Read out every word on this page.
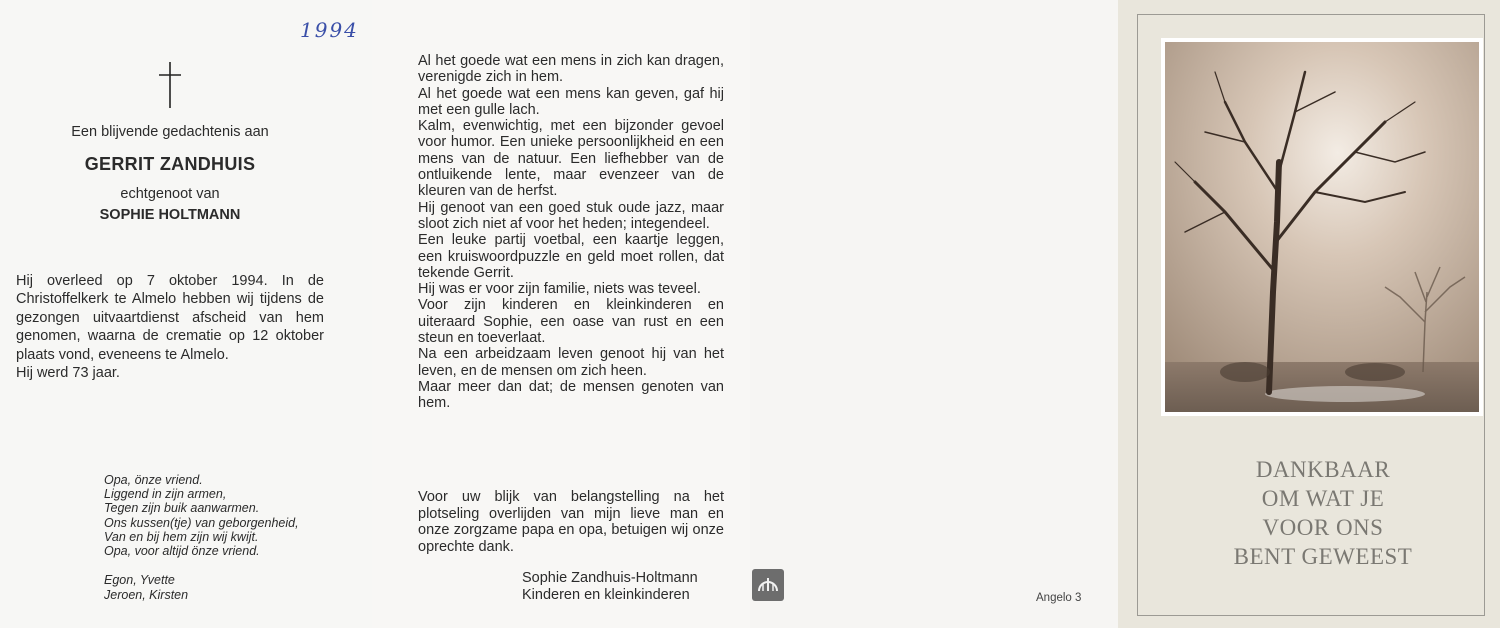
1994
Een blijvende gedachtenis aan
GERRIT ZANDHUIS
echtgenoot van
SOPHIE HOLTMANN

Hij overleed op 7 oktober 1994. In de Christoffelkerk te Almelo hebben wij tijdens de gezongen uitvaartdienst afscheid van hem genomen, waarna de crematie op 12 oktober plaats vond, eveneens te Almelo.

Hij werd 73 jaar.

Opa, önze vriend.
Liggend in zijn armen,
Tegen zijn buik aanwarmen.
Ons kussen(tje) van geborgenheid,
Van en bij hem zijn wij kwijt.
Opa, voor altijd önze vriend.
Egon, Yvette
Jeroen, Kirsten

Al het goede wat een mens in zich kan dragen, verenigde zich in hem.

Al het goede wat een mens kan geven, gaf hij met een gulle lach.

Kalm, evenwichtig, met een bijzonder gevoel voor humor. Een unieke persoonlijkheid en een mens van de natuur. Een liefhebber van de ontluikende lente, maar evenzeer van de kleuren van de herfst.

Hij genoot van een goed stuk oude jazz, maar sloot zich niet af voor het heden; integendeel.

Een leuke partij voetbal, een kaartje leggen, een kruiswoordpuzzle en geld moet rollen, dat tekende Gerrit.

Hij was er voor zijn familie, niets was teveel.

Voor zijn kinderen en kleinkinderen en uiteraard Sophie, een oase van rust en een steun en toeverlaat.

Na een arbeidzaam leven genoot hij van het leven, en de mensen om zich heen.

Maar meer dan dat; de mensen genoten van hem.

Voor uw blijk van belangstelling na het plotseling overlijden van mijn lieve man en onze zorgzame papa en opa, betuigen wij onze oprechte dank.
Sophie Zandhuis-Holtmann
Kinderen en kleinkinderen	Angelo 3
DANKBAAR
OM WAT JE
VOOR ONS
BENT GEWEEST
